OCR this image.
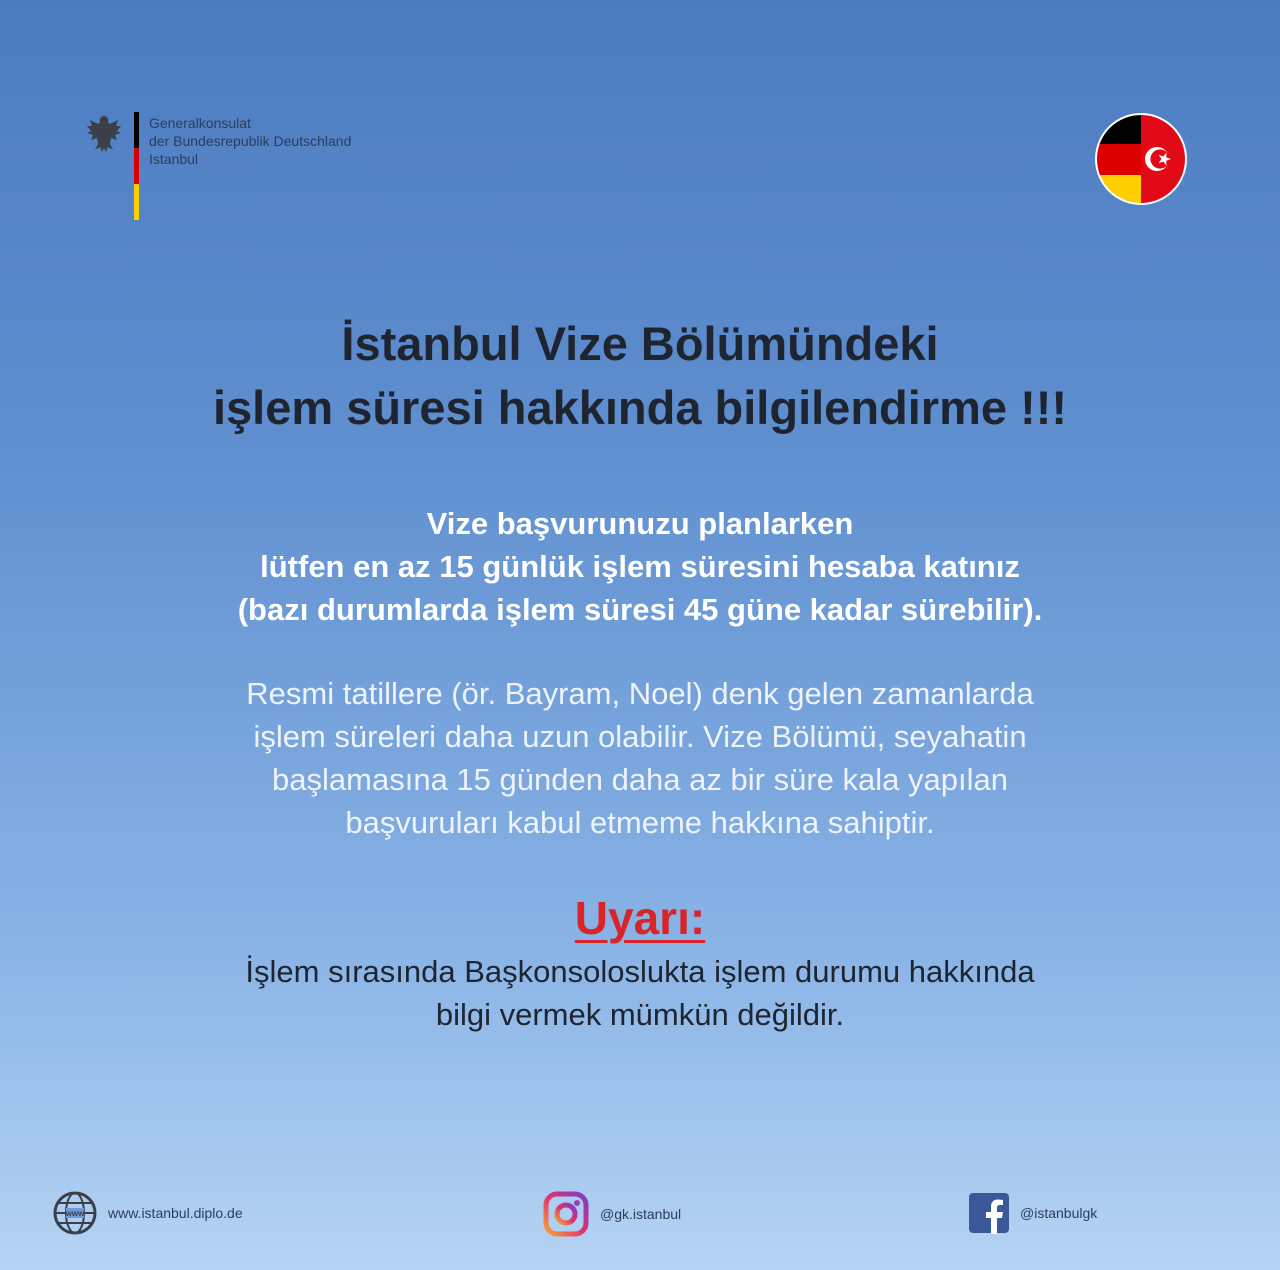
Generalkonsulat
der Bundesrepublik Deutschland
Istanbul
İstanbul Vize Bölümündeki
işlem süresi hakkında bilgilendirme !!!
Vize başvurunuzu planlarken
lütfen en az 15 günlük işlem süresini hesaba katınız
(bazı durumlarda işlem süresi 45 güne kadar sürebilir).
Resmi tatillere (ör. Bayram, Noel) denk gelen zamanlarda
işlem süreleri daha uzun olabilir. Vize Bölümü, seyahatin
başlamasına 15 günden daha az bir süre kala yapılan
başvuruları kabul etmeme hakkına sahiptir.
Uyarı:
İşlem sırasında Başkonsoloslukta işlem durumu hakkında
bilgi vermek mümkün değildir.
www www.istanbul.diplo.de	@gk.istanbul	@istanbulgk
